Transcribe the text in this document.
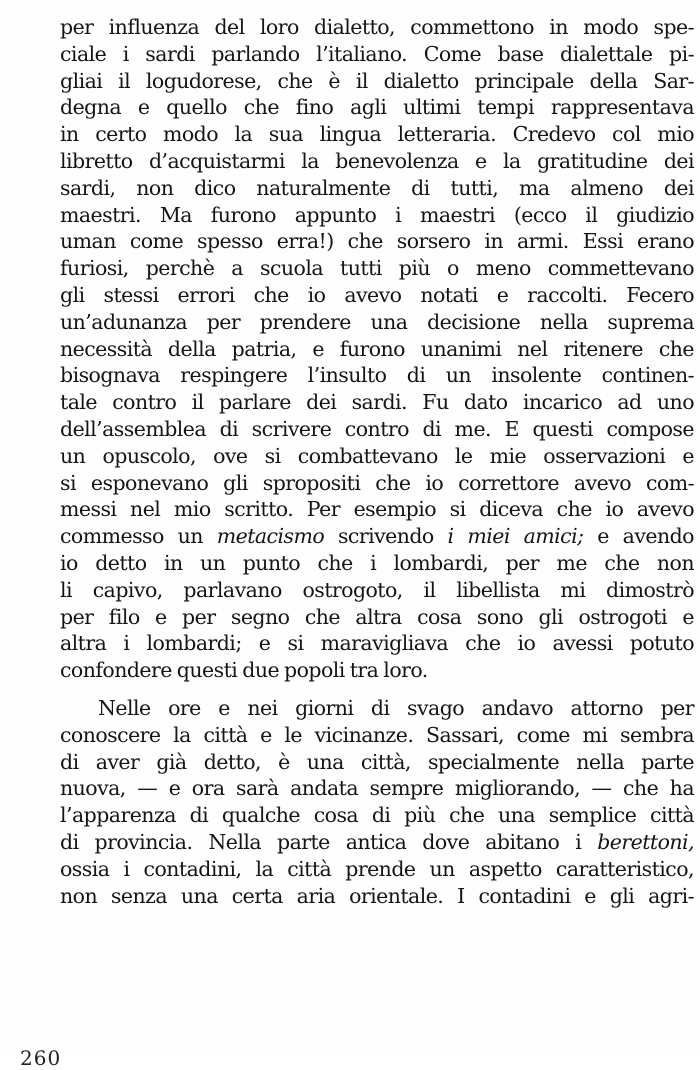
per influenza del loro dialetto, commettono in modo spe-
ciale i sardi parlando l’italiano. Come base dialettale pi-
gliai il logudorese, che è il dialetto principale della Sar-
degna e quello che fino agli ultimi tempi rappresentava
in certo modo la sua lingua letteraria. Credevo col mio
libretto d’acquistarmi la benevolenza e la gratitudine dei
sardi, non dico naturalmente di tutti, ma almeno dei
maestri. Ma furono appunto i maestri (ecco il giudizio
uman come spesso erra!) che sorsero in armi. Essi erano
furiosi, perchè a scuola tutti più o meno commettevano
gli stessi errori che io avevo notati e raccolti. Fecero
un’adunanza per prendere una decisione nella suprema
necessità della patria, e furono unanimi nel ritenere che
bisognava respingere l’insulto di un insolente continen-
tale contro il parlare dei sardi. Fu dato incarico ad uno
dell’assemblea di scrivere contro di me. E questi compose
un opuscolo, ove si combattevano le mie osservazioni e
si esponevano gli spropositi che io correttore avevo com-
messi nel mio scritto. Per esempio si diceva che io avevo
commesso un metacismo scrivendo i miei amici; e avendo
io detto in un punto che i lombardi, per me che non
li capivo, parlavano ostrogoto, il libellista mi dimostrò
per filo e per segno che altra cosa sono gli ostrogoti e
altra i lombardi; e si maravigliava che io avessi potuto
confondere questi due popoli tra loro.
Nelle ore e nei giorni di svago andavo attorno per
conoscere la città e le vicinanze. Sassari, come mi sembra
di aver già detto, è una città, specialmente nella parte
nuova, — e ora sarà andata sempre migliorando, — che ha
l’apparenza di qualche cosa di più che una semplice città
di provincia. Nella parte antica dove abitano i berettoni,
ossia i contadini, la città prende un aspetto caratteristico,
non senza una certa aria orientale. I contadini e gli agri-
260
